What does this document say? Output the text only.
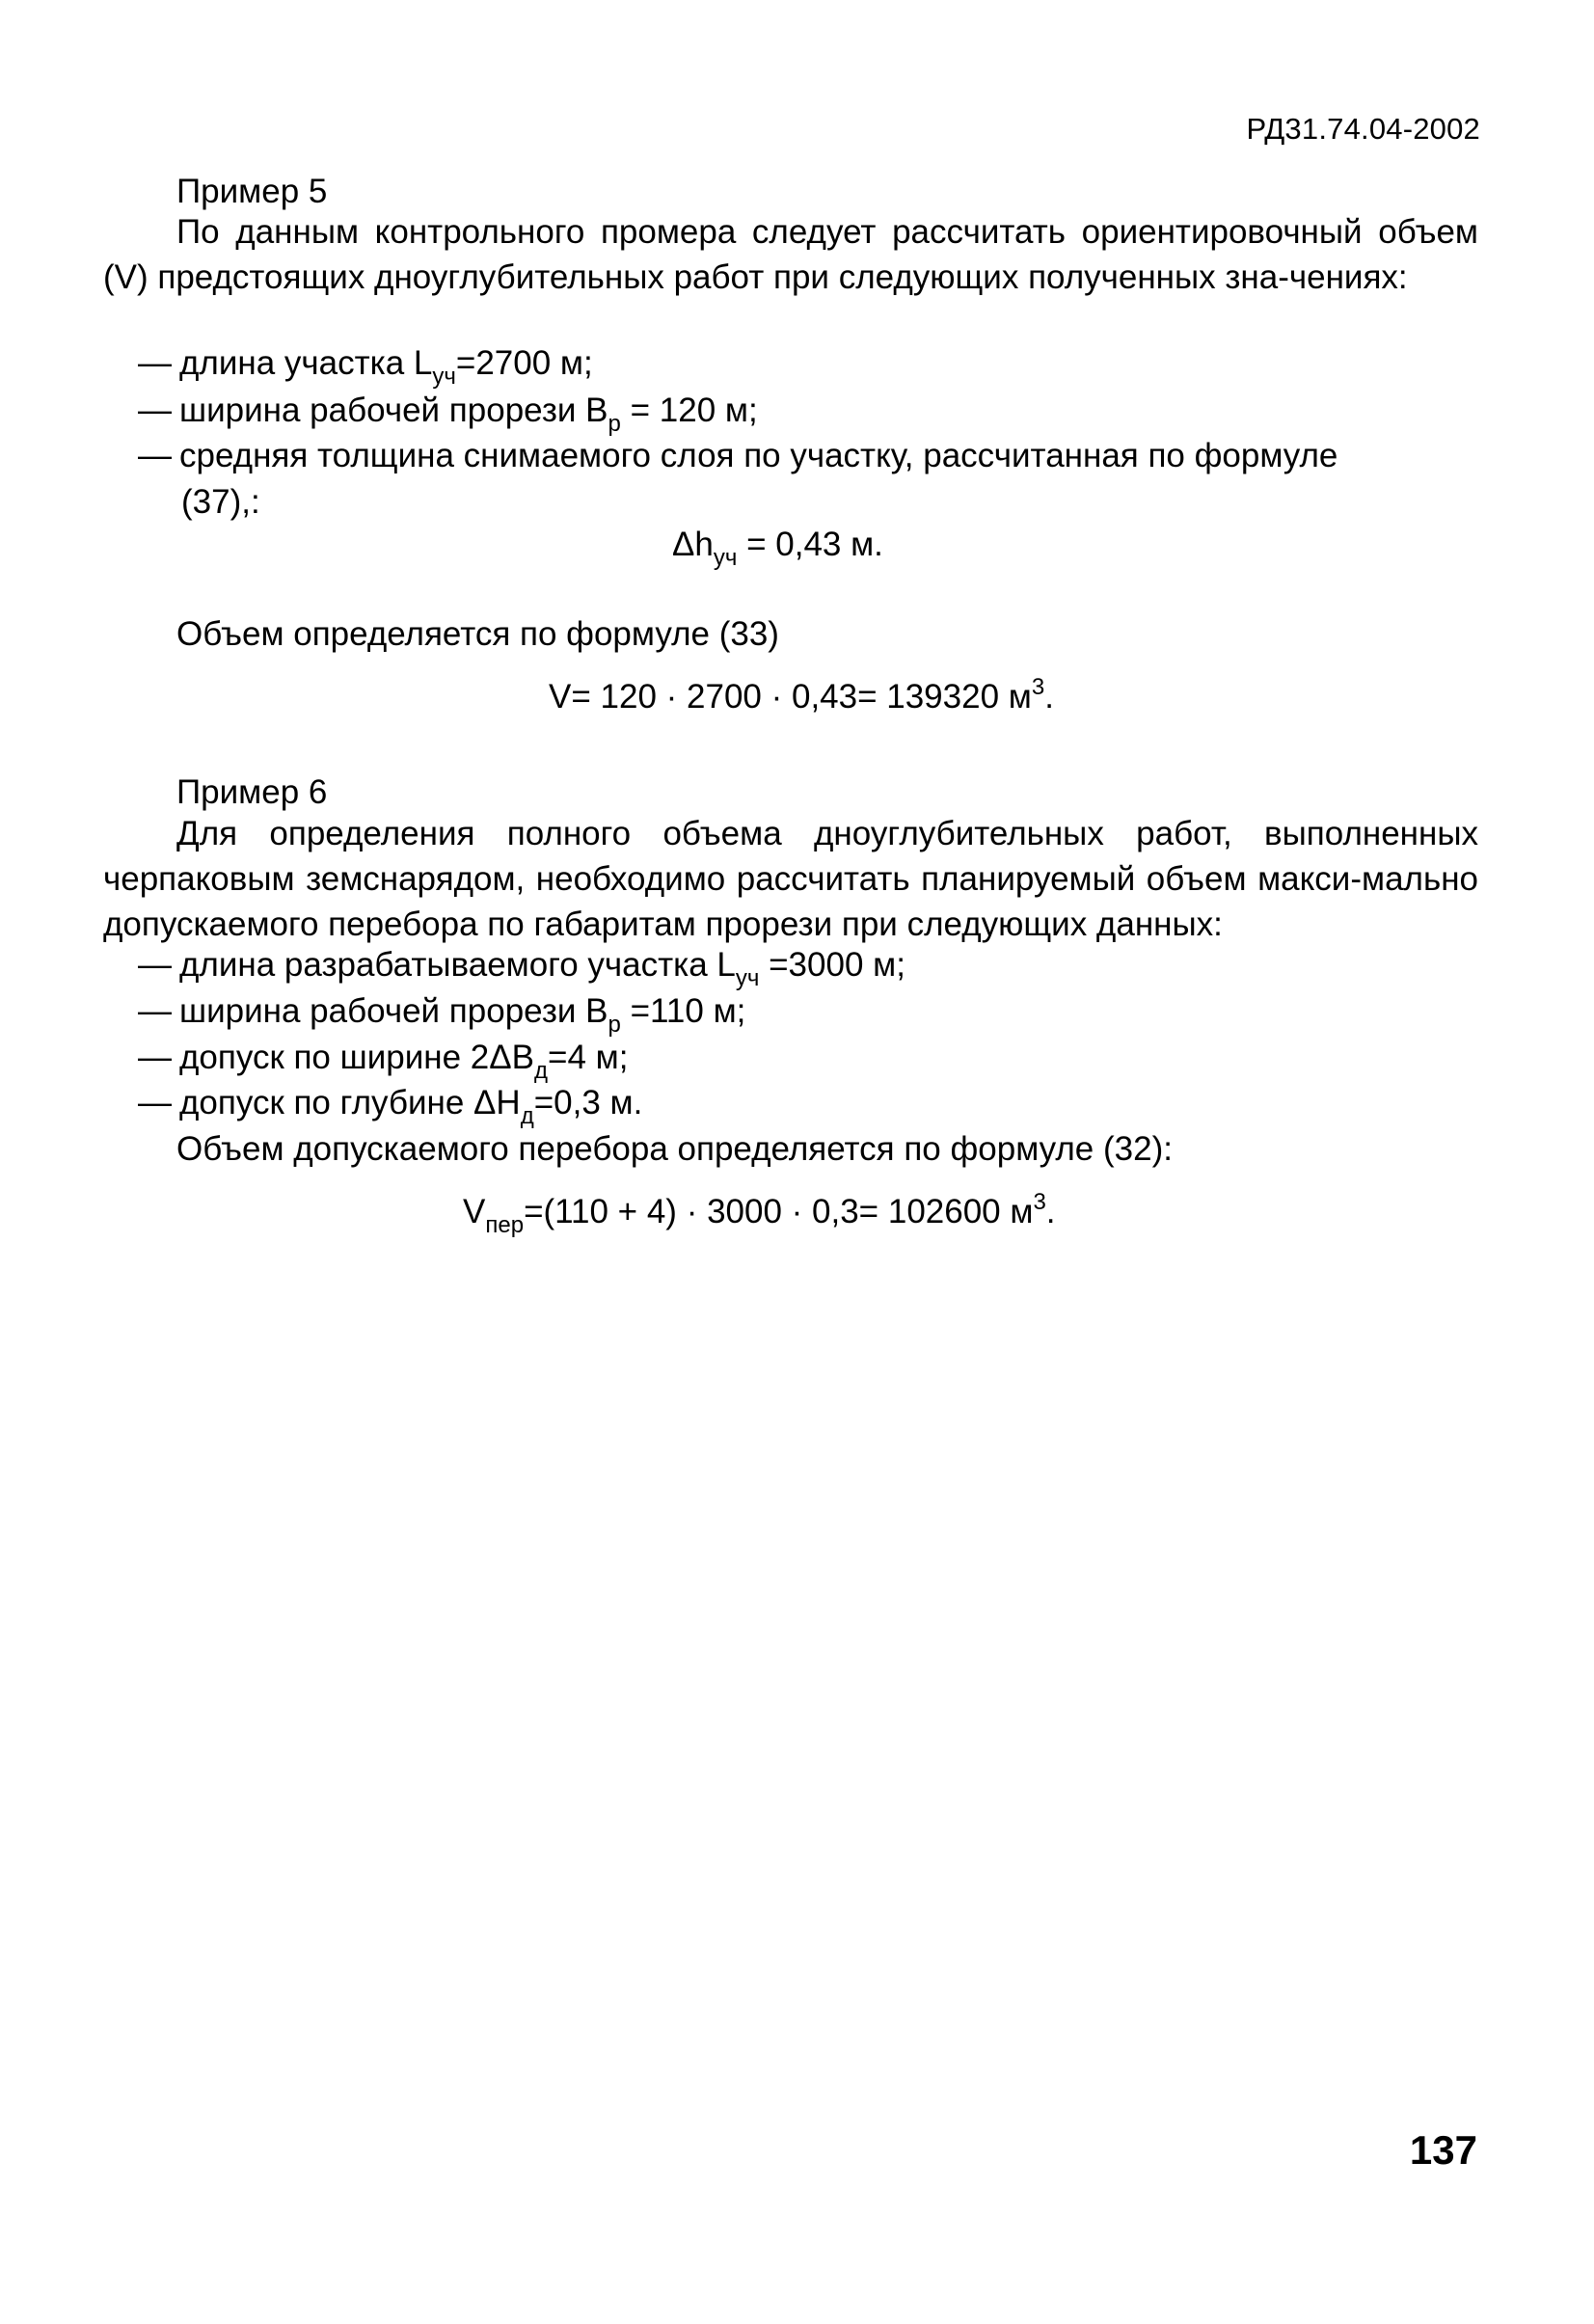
РД31.74.04-2002
Пример 5
По данным контрольного промера следует рассчитать ориентировочный объем (V) предстоящих дноуглубительных работ при следующих полученных зна-чениях:
— длина участка $L_{уч}=2700$ м;
— ширина рабочей прорези $B_р = 120$ м;
— средняя толщина снимаемого слоя по участку, рассчитанная по формуле
(37),:
$\Delta h_{уч} = 0,43$ м.
Объем определяется по формуле (33)
V= 120 · 2700 · 0,43= 139320 $м^3$.
Пример 6
Для определения полного объема дноуглубительных работ, выполненных черпаковым земснарядом, необходимо рассчитать планируемый объем макси-мально допускаемого перебора по габаритам прорези при следующих данных:
— длина разрабатываемого участка $L_{уч} =3000$ м;
— ширина рабочей прорези $B_р =110$ м;
— допуск по ширине $2\Delta B_д=4$ м;
— допуск по глубине $\Delta H_д=0,3$ м.
Объем допускаемого перебора определяется по формуле (32):
$V_{пер}=(110 + 4) \cdot 3000 \cdot 0,3= 102600$ $м^3$.
137
